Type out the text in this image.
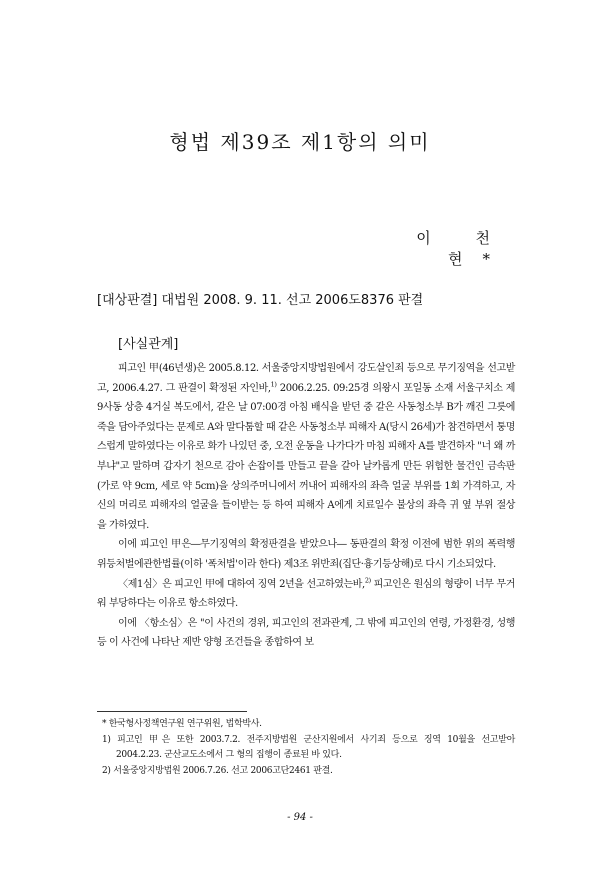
형법 제39조 제1항의 의미
이 천 현*
[대상판결] 대법원 2008. 9. 11. 선고 2006도8376 판결
[사실관계]

피고인 甲(46년생)은 2005.8.12. 서울중앙지방법원에서 강도살인죄 등으로 무기징역을 선고받고, 2006.4.27. 그 판결이 확정된 자인바,$^{1)}$ 2006.2.25. 09:25경 의왕시 포일동 소재 서울구치소 제9사동 상층 4거실 복도에서, 같은 날 07:00경 아침 배식을 받던 중 같은 사동청소부 B가 깨진 그릇에 죽을 담아주었다는 문제로 A와 말다툼할 때 같은 사동청소부 피해자 A(당시 26세)가 참견하면서 퉁명스럽게 말하였다는 이유로 화가 나있던 중, 오전 운동을 나가다가 마침 피해자 A를 발견하자 "너 왜 까부냐"고 말하며 갑자기 천으로 감아 손잡이를 만들고 끝을 갈아 날카롭게 만든 위험한 물건인 금속판(가로 약 9cm, 세로 약 5cm)을 상의주머니에서 꺼내어 피해자의 좌측 얼굴 부위를 1회 가격하고, 자신의 머리로 피해자의 얼굴을 들이받는 등 하여 피해자 A에게 치료일수 불상의 좌측 귀 옆 부위 절상을 가하였다.

이에 피고인 甲은―무기징역의 확정판결을 받았으나― 동판결의 확정 이전에 범한 위의 폭력행위등처벌에관한법률(이하 '폭처법'이라 한다) 제3조 위반죄(집단·흉기등상해)로 다시 기소되었다.

〈제1심〉은 피고인 甲에 대하여 징역 2년을 선고하였는바,$^{2)}$ 피고인은 원심의 형량이 너무 무거워 부당하다는 이유로 항소하였다.

이에 〈항소심〉은 "이 사건의 경위, 피고인의 전과관계, 그 밖에 피고인의 연령, 가정환경, 성행 등 이 사건에 나타난 제반 양형 조건들을 종합하여 보

* 한국형사정책연구원 연구위원, 법학박사.

1) 피고인 甲은 또한 2003.7.2. 전주지방법원 군산지원에서 사기죄 등으로 징역 10월을 선고받아 2004.2.23. 군산교도소에서 그 형의 집행이 종료된 바 있다.

2) 서울중앙지방법원 2006.7.26. 선고 2006고단2461 판결.

- 94 -
